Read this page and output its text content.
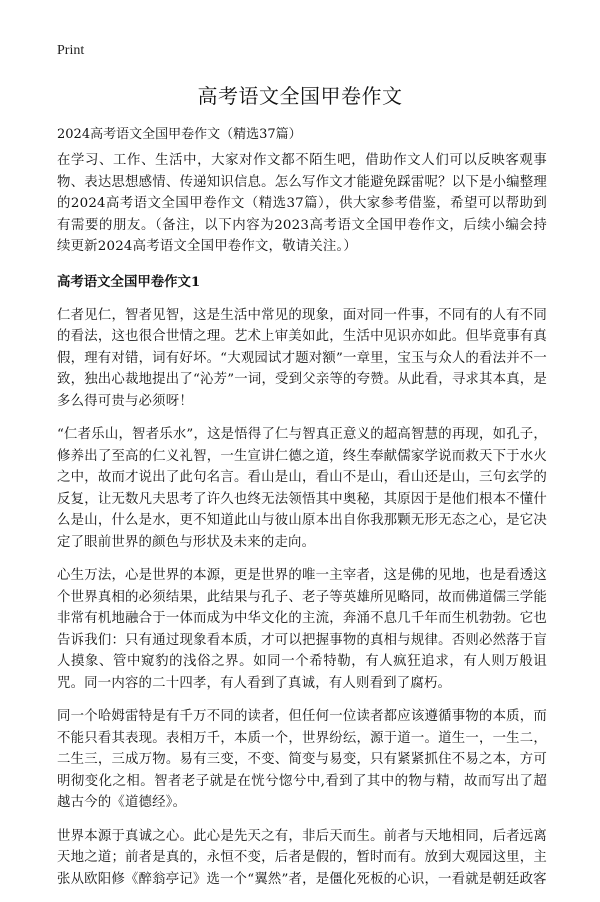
Print
高考语文全国甲卷作文

2024高考语文全国甲卷作文（精选37篇）

在学习、工作、生活中，大家对作文都不陌生吧，借助作文人们可以反映客观事物、表达思想感情、传递知识信息。怎么写作文才能避免踩雷呢？以下是小编整理的2024高考语文全国甲卷作文（精选37篇），供大家参考借鉴，希望可以帮助到有需要的朋友。（备注，以下内容为2023高考语文全国甲卷作文，后续小编会持续更新2024高考语文全国甲卷作文，敬请关注。）

高考语文全国甲卷作文1

仁者见仁，智者见智，这是生活中常见的现象，面对同一件事，不同有的人有不同的看法，这也很合世情之理。艺术上审美如此，生活中见识亦如此。但毕竟事有真假，理有对错，词有好坏。“大观园试才题对额”一章里，宝玉与众人的看法并不一致，独出心裁地提出了“沁芳”一词，受到父亲等的夸赞。从此看，寻求其本真，是多么得可贵与必须呀！

“仁者乐山，智者乐水”，这是悟得了仁与智真正意义的超高智慧的再现，如孔子，修养出了至高的仁义礼智，一生宣讲仁德之道，终生奉献儒家学说而救天下于水火之中，故而才说出了此句名言。看山是山，看山不是山，看山还是山，三句玄学的反复，让无数凡夫思考了许久也终无法领悟其中奥秘，其原因于是他们根本不懂什么是山，什么是水，更不知道此山与彼山原本出自你我那颗无形无态之心，是它决定了眼前世界的颜色与形状及未来的走向。

心生万法，心是世界的本源，更是世界的唯一主宰者，这是佛的见地，也是看透这个世界真相的必须结果，此结果与孔子、老子等英雄所见略同，故而佛道儒三学能非常有机地融合于一体而成为中华文化的主流，奔涌不息几千年而生机勃勃。它也告诉我们：只有通过现象看本质，才可以把握事物的真相与规律。否则必然落于盲人摸象、管中窥豹的浅俗之界。如同一个希特勒，有人疯狂追求，有人则万般诅咒。同一内容的二十四孝，有人看到了真诚，有人则看到了腐朽。

同一个哈姆雷特是有千万不同的读者，但任何一位读者都应该遵循事物的本质，而不能只看其表现。表相万千，本质一个，世界纷纭，源于道一。道生一，一生二，二生三，三成万物。易有三变，不变、简变与易变，只有紧紧抓住不易之本，方可明彻变化之相。智者老子就是在恍兮惚兮中,看到了其中的物与精，故而写出了超越古今的《道德经》。

世界本源于真诚之心。此心是先天之有，非后天而生。前者与天地相同，后者远离天地之道；前者是真的，永恒不变，后者是假的，暂时而有。放到大观园这里，主张从欧阳修《醉翁亭记》选一个“翼然”者，是僵化死板的心识，一看就是朝廷政客
